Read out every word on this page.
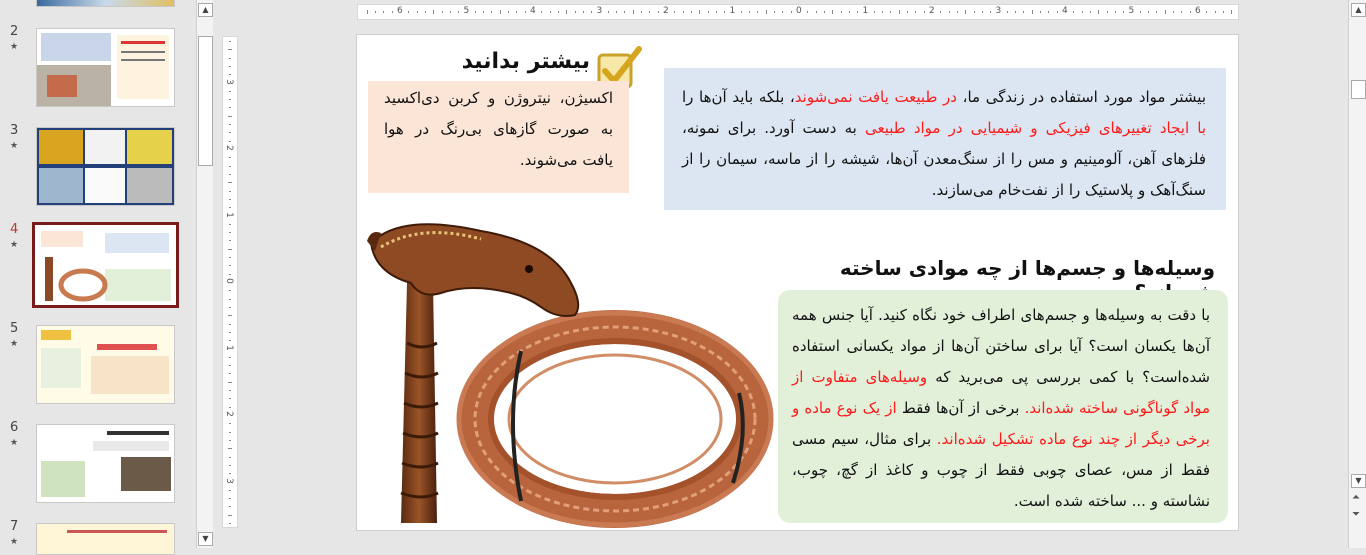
2
★
3
★
4
★
5
★
6
★
7
★
▲
▼
6	5	4	3	2	1	0	1	2	3	4	5	6
3
2
1
0
1
2
3
بیشتر مواد مورد استفاده در زندگی ما، در طبیعت یافت نمی‌شوند، بلکه باید آن‌ها را با ایجاد تغییرهای فیزیکی و شیمیایی در مواد طبیعی به دست آورد. برای نمونه، فلزهای آهن، آلومینیم و مس را از سنگ‌معدن آن‌ها، شیشه را از ماسه، سیمان را از سنگ‌آهک و پلاستیک را از نفت‌خام می‌سازند.
بیشتر بدانید
اکسیژن، نیتروژن و کربن دی‌اکسید به صورت گازهای بی‌رنگ در هوا یافت می‌شوند.
وسیله‌ها و جسم‌ها از چه موادی ساخته
با دقت به وسیله‌ها و جسم‌های اطراف خود نگاه کنید. آیا جنس همه آن‌ها یکسان است؟ آیا برای ساختن آن‌ها از مواد یکسانی استفاده شده‌است؟ با کمی بررسی پی می‌برید که وسیله‌های متفاوت از مواد گوناگونی ساخته شده‌اند. برخی از آن‌ها فقط از یک نوع ماده و برخی دیگر از چند نوع ماده تشکیل شده‌اند. برای مثال، سیم مسی فقط از مس، عصای چوبی فقط از چوب و کاغذ از گچ، چوب، نشاسته و ... ساخته شده است.
▲
▼
⏶
⏷
